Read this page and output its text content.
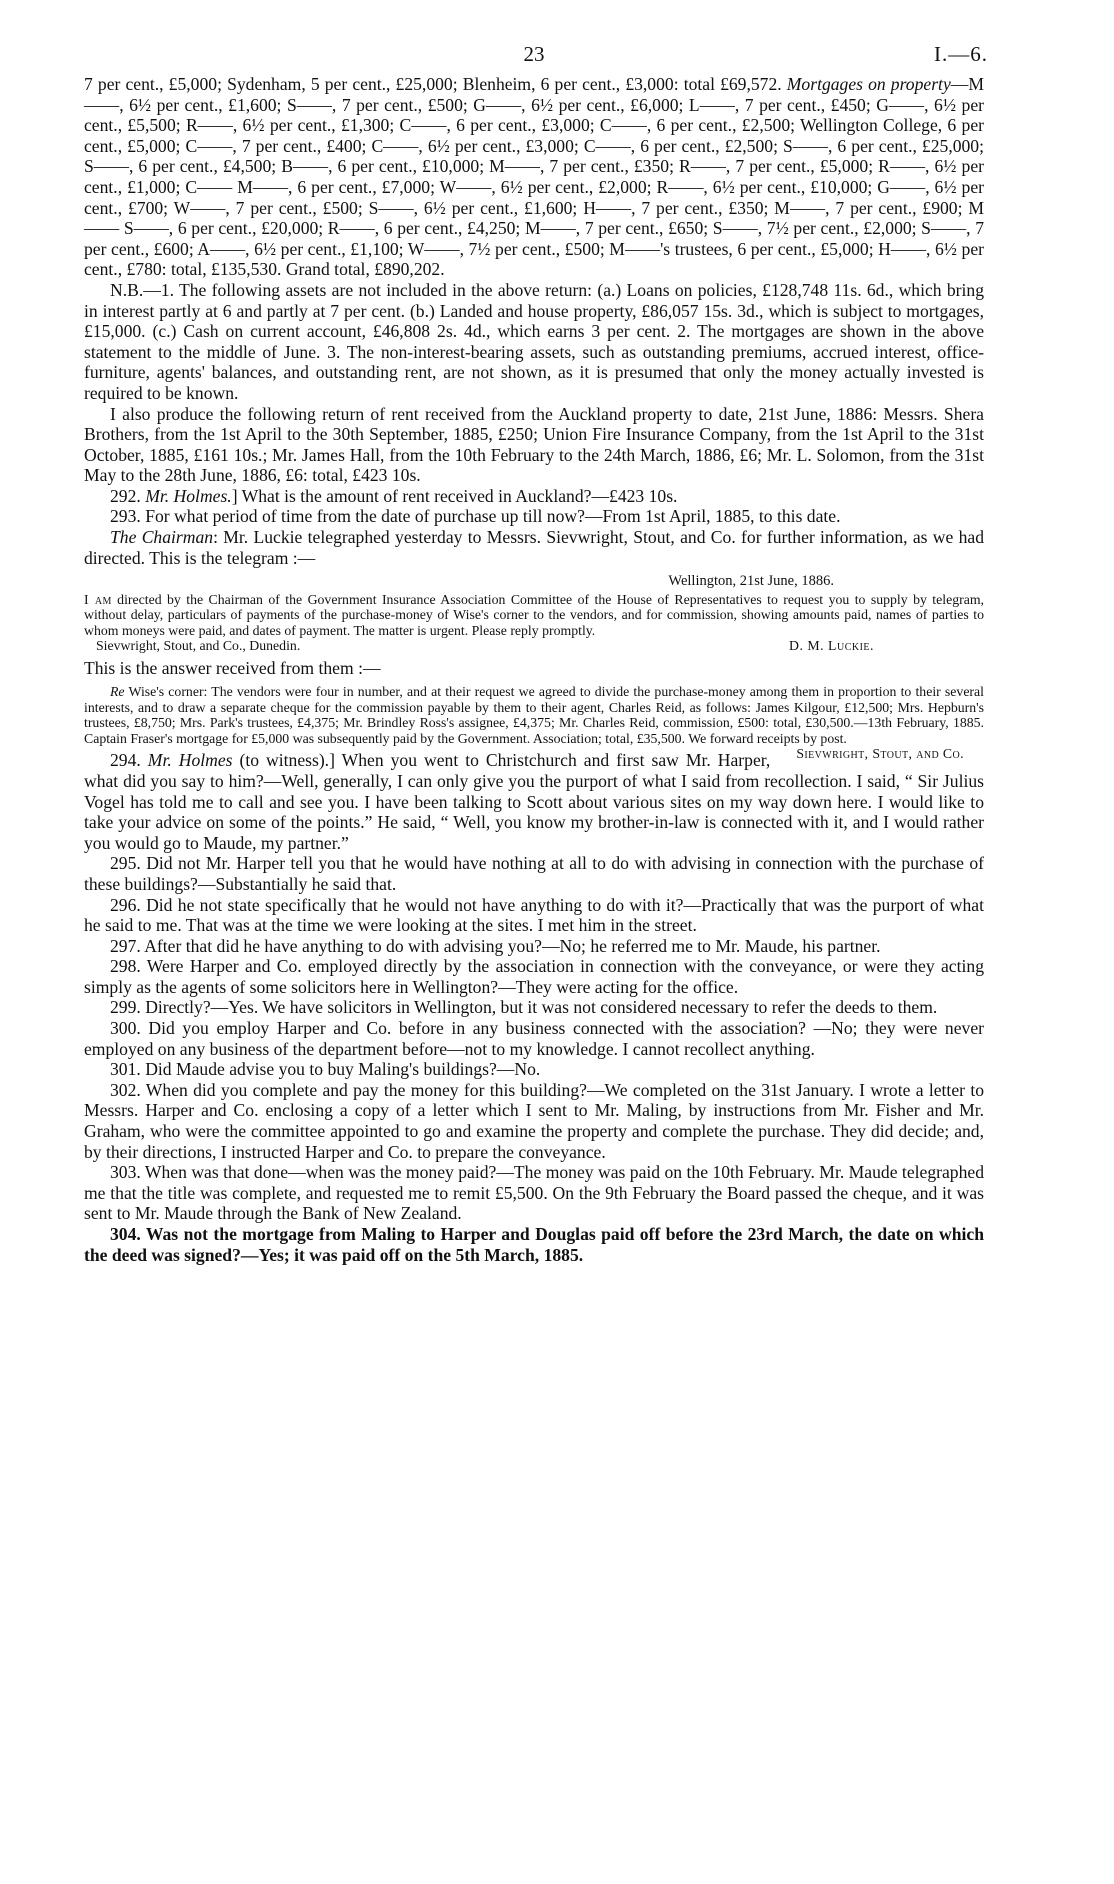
23	I.—6.

7 per cent., £5,000; Sydenham, 5 per cent., £25,000; Blenheim, 6 per cent., £3,000: total £69,572. Mortgages on property—M——, 6½ per cent., £1,600; S——, 7 per cent., £500; G——, 6½ per cent., £6,000; L——, 7 per cent., £450; G——, 6½ per cent., £5,500; R——, 6½ per cent., £1,300; C——, 6 per cent., £3,000; C——, 6 per cent., £2,500; Wellington College, 6 per cent., £5,000; C——, 7 per cent., £400; C——, 6½ per cent., £3,000; C——, 6 per cent., £2,500; S——, 6 per cent., £25,000; S——, 6 per cent., £4,500; B——, 6 per cent., £10,000; M——, 7 per cent., £350; R——, 7 per cent., £5,000; R——, 6½ per cent., £1,000; C—— M——, 6 per cent., £7,000; W——, 6½ per cent., £2,000; R——, 6½ per cent., £10,000; G——, 6½ per cent., £700; W——, 7 per cent., £500; S——, 6½ per cent., £1,600; H——, 7 per cent., £350; M——, 7 per cent., £900; M—— S——, 6 per cent., £20,000; R——, 6 per cent., £4,250; M——, 7 per cent., £650; S——, 7½ per cent., £2,000; S——, 7 per cent., £600; A——, 6½ per cent., £1,100; W——, 7½ per cent., £500; M——'s trustees, 6 per cent., £5,000; H——, 6½ per cent., £780: total, £135,530. Grand total, £890,202.

N.B.—1. The following assets are not included in the above return: (a.) Loans on policies, £128,748 11s. 6d., which bring in interest partly at 6 and partly at 7 per cent. (b.) Landed and house property, £86,057 15s. 3d., which is subject to mortgages, £15,000. (c.) Cash on current account, £46,808 2s. 4d., which earns 3 per cent. 2. The mortgages are shown in the above statement to the middle of June. 3. The non-interest-bearing assets, such as outstanding premiums, accrued interest, office-furniture, agents' balances, and outstanding rent, are not shown, as it is presumed that only the money actually invested is required to be known.

I also produce the following return of rent received from the Auckland property to date, 21st June, 1886: Messrs. Shera Brothers, from the 1st April to the 30th September, 1885, £250; Union Fire Insurance Company, from the 1st April to the 31st October, 1885, £161 10s.; Mr. James Hall, from the 10th February to the 24th March, 1886, £6; Mr. L. Solomon, from the 31st May to the 28th June, 1886, £6: total, £423 10s.

292. Mr. Holmes.] What is the amount of rent received in Auckland?—£423 10s.

293. For what period of time from the date of purchase up till now?—From 1st April, 1885, to this date.

The Chairman: Mr. Luckie telegraphed yesterday to Messrs. Sievwright, Stout, and Co. for further information, as we had directed. This is the telegram :—

Wellington, 21st June, 1886.

I am directed by the Chairman of the Government Insurance Association Committee of the House of Representatives to request you to supply by telegram, without delay, particulars of payments of the purchase-money of Wise's corner to the vendors, and for commission, showing amounts paid, names of parties to whom moneys were paid, and dates of payment. The matter is urgent. Please reply promptly.

Sievwright, Stout, and Co., Dunedin.	D. M. Luckie.

This is the answer received from them :—

Re Wise's corner: The vendors were four in number, and at their request we agreed to divide the purchase-money among them in proportion to their several interests, and to draw a separate cheque for the commission payable by them to their agent, Charles Reid, as follows: James Kilgour, £12,500; Mrs. Hepburn's trustees, £8,750; Mrs. Park's trustees, £4,375; Mr. Brindley Ross's assignee, £4,375; Mr. Charles Reid, commission, £500: total, £30,500.—13th February, 1885. Captain Fraser's mortgage for £5,000 was subsequently paid by the Government. Association; total, £35,500. We forward receipts by post.
Sievwright, Stout, and Co.

294. Mr. Holmes (to witness).] When you went to Christchurch and first saw Mr. Harper, what did you say to him?—Well, generally, I can only give you the purport of what I said from recollection. I said, “ Sir Julius Vogel has told me to call and see you. I have been talking to Scott about various sites on my way down here. I would like to take your advice on some of the points.” He said, “ Well, you know my brother-in-law is connected with it, and I would rather you would go to Maude, my partner.”

295. Did not Mr. Harper tell you that he would have nothing at all to do with advising in connection with the purchase of these buildings?—Substantially he said that.

296. Did he not state specifically that he would not have anything to do with it?—Practically that was the purport of what he said to me. That was at the time we were looking at the sites. I met him in the street.

297. After that did he have anything to do with advising you?—No; he referred me to Mr. Maude, his partner.

298. Were Harper and Co. employed directly by the association in connection with the conveyance, or were they acting simply as the agents of some solicitors here in Wellington?—They were acting for the office.

299. Directly?—Yes. We have solicitors in Wellington, but it was not considered necessary to refer the deeds to them.

300. Did you employ Harper and Co. before in any business connected with the association? —No; they were never employed on any business of the department before—not to my knowledge. I cannot recollect anything.

301. Did Maude advise you to buy Maling's buildings?—No.

302. When did you complete and pay the money for this building?—We completed on the 31st January. I wrote a letter to Messrs. Harper and Co. enclosing a copy of a letter which I sent to Mr. Maling, by instructions from Mr. Fisher and Mr. Graham, who were the committee appointed to go and examine the property and complete the purchase. They did decide; and, by their directions, I instructed Harper and Co. to prepare the conveyance.

303. When was that done—when was the money paid?—The money was paid on the 10th February. Mr. Maude telegraphed me that the title was complete, and requested me to remit £5,500. On the 9th February the Board passed the cheque, and it was sent to Mr. Maude through the Bank of New Zealand.

304. Was not the mortgage from Maling to Harper and Douglas paid off before the 23rd March, the date on which the deed was signed?—Yes; it was paid off on the 5th March, 1885.
